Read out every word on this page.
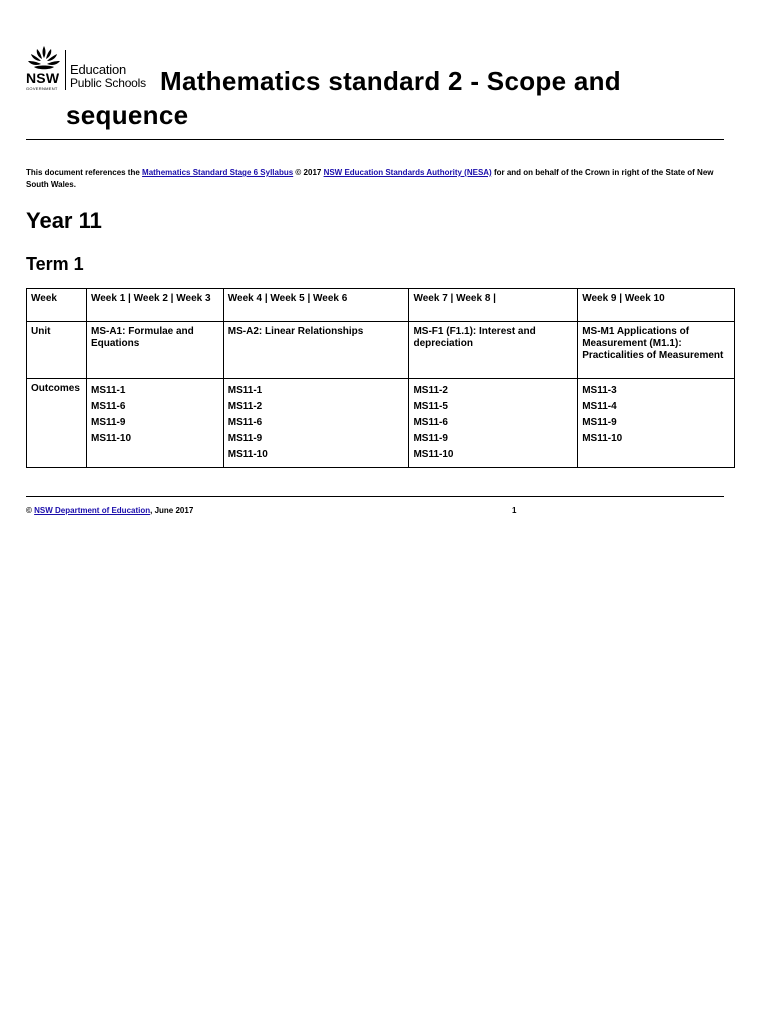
NSW
GOVERNMENT
Education
Public Schools Mathematics standard 2 - Scope and sequence

This document references the Mathematics Standard Stage 6 Syllabus © 2017 NSW Education Standards Authority (NESA) for and on behalf of the Crown in right of the State of New South Wales.

Year 11
Term 1
Week	Week 1 | Week 2 | Week 3	Week 4 | Week 5 | Week 6	Week 7 | Week 8 |	Week 9 | Week 10
Unit	MS-A1: Formulae and Equations	MS-A2: Linear Relationships	MS-F1 (F1.1): Interest and depreciation	MS-M1 Applications of Measurement (M1.1): Practicalities of Measurement
Outcomes	MS11-1
MS11-6
MS11-9
MS11-10	MS11-1
MS11-2
MS11-6
MS11-9
MS11-10	MS11-2
MS11-5
MS11-6
MS11-9
MS11-10	MS11-3
MS11-4
MS11-9
MS11-10
© NSW Department of Education, June 2017	1
